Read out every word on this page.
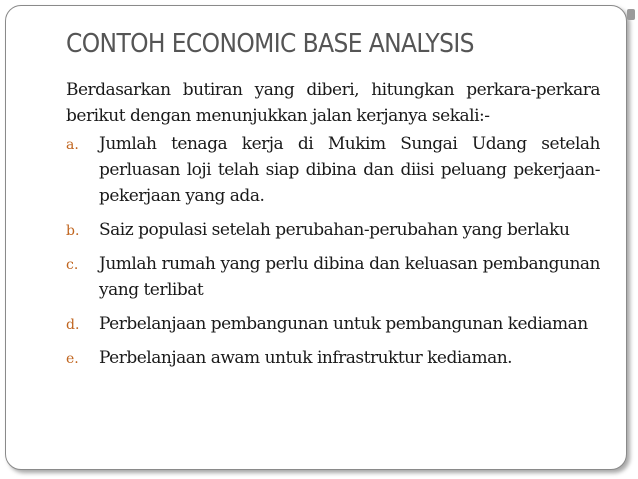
CONTOH ECONOMIC BASE ANALYSIS

Berdasarkan butiran yang diberi, hitungkan perkara-perkara berikut dengan menunjukkan jalan kerjanya sekali:-

a. Jumlah tenaga kerja di Mukim Sungai Udang setelah perluasan loji telah siap dibina dan diisi peluang pekerjaan-pekerjaan yang ada.
b. Saiz populasi setelah perubahan-perubahan yang berlaku
c. Jumlah rumah yang perlu dibina dan keluasan pembangunan yang terlibat
d. Perbelanjaan pembangunan untuk pembangunan kediaman
e. Perbelanjaan awam untuk infrastruktur kediaman.
